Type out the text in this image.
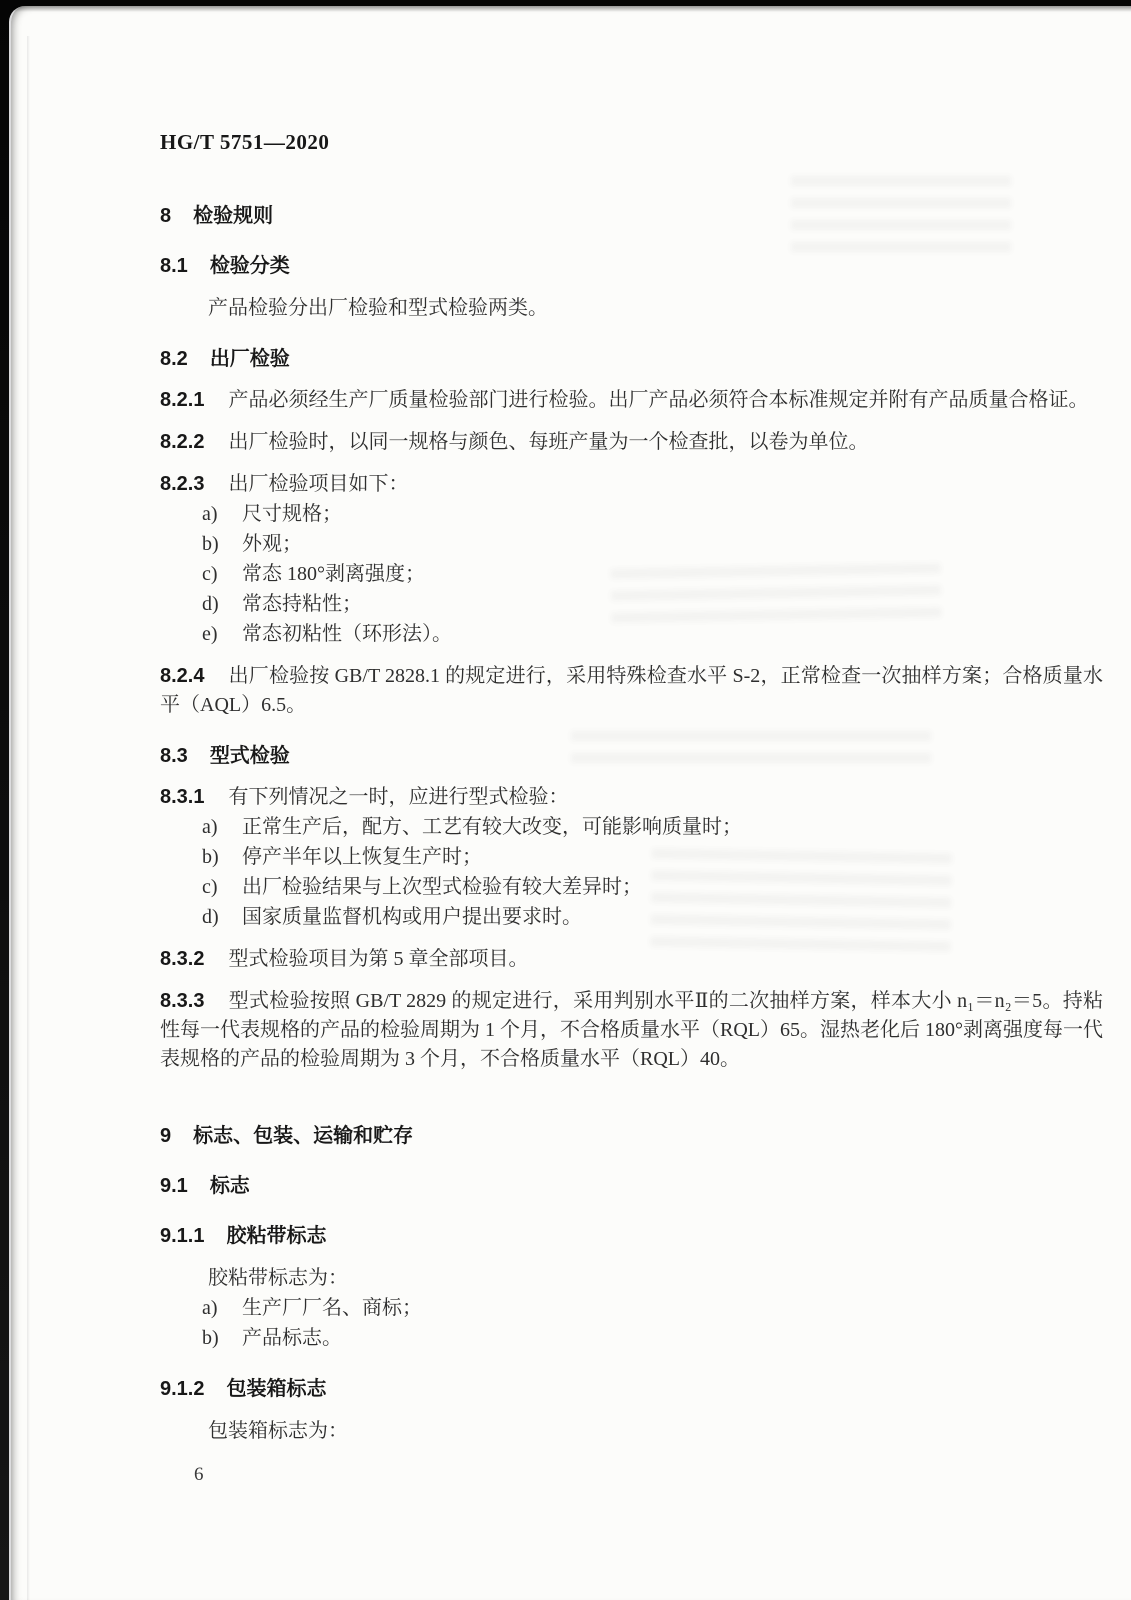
HG/T 5751—2020
8 检验规则
8.1 检验分类
产品检验分出厂检验和型式检验两类。
8.2 出厂检验
8.2.1 产品必须经生产厂质量检验部门进行检验。出厂产品必须符合本标准规定并附有产品质量合格证。
8.2.2 出厂检验时，以同一规格与颜色、每班产量为一个检查批，以卷为单位。
8.2.3 出厂检验项目如下：
a) 尺寸规格；
b) 外观；
c) 常态 180°剥离强度；
d) 常态持粘性；
e) 常态初粘性（环形法）。
8.2.4 出厂检验按 GB/T 2828.1 的规定进行，采用特殊检查水平 S-2，正常检查一次抽样方案；合格质量水平（AQL）6.5。
8.3 型式检验
8.3.1 有下列情况之一时，应进行型式检验：
a) 正常生产后，配方、工艺有较大改变，可能影响质量时；
b) 停产半年以上恢复生产时；
c) 出厂检验结果与上次型式检验有较大差异时；
d) 国家质量监督机构或用户提出要求时。
8.3.2 型式检验项目为第 5 章全部项目。
8.3.3 型式检验按照 GB/T 2829 的规定进行，采用判别水平Ⅱ的二次抽样方案，样本大小 n₁＝n₂＝5。持粘性每一代表规格的产品的检验周期为 1 个月，不合格质量水平（RQL）65。湿热老化后 180°剥离强度每一代表规格的产品的检验周期为 3 个月，不合格质量水平（RQL）40。
9 标志、包装、运输和贮存
9.1 标志
9.1.1 胶粘带标志
胶粘带标志为：
a) 生产厂厂名、商标；
b) 产品标志。
9.1.2 包装箱标志
包装箱标志为：
6
